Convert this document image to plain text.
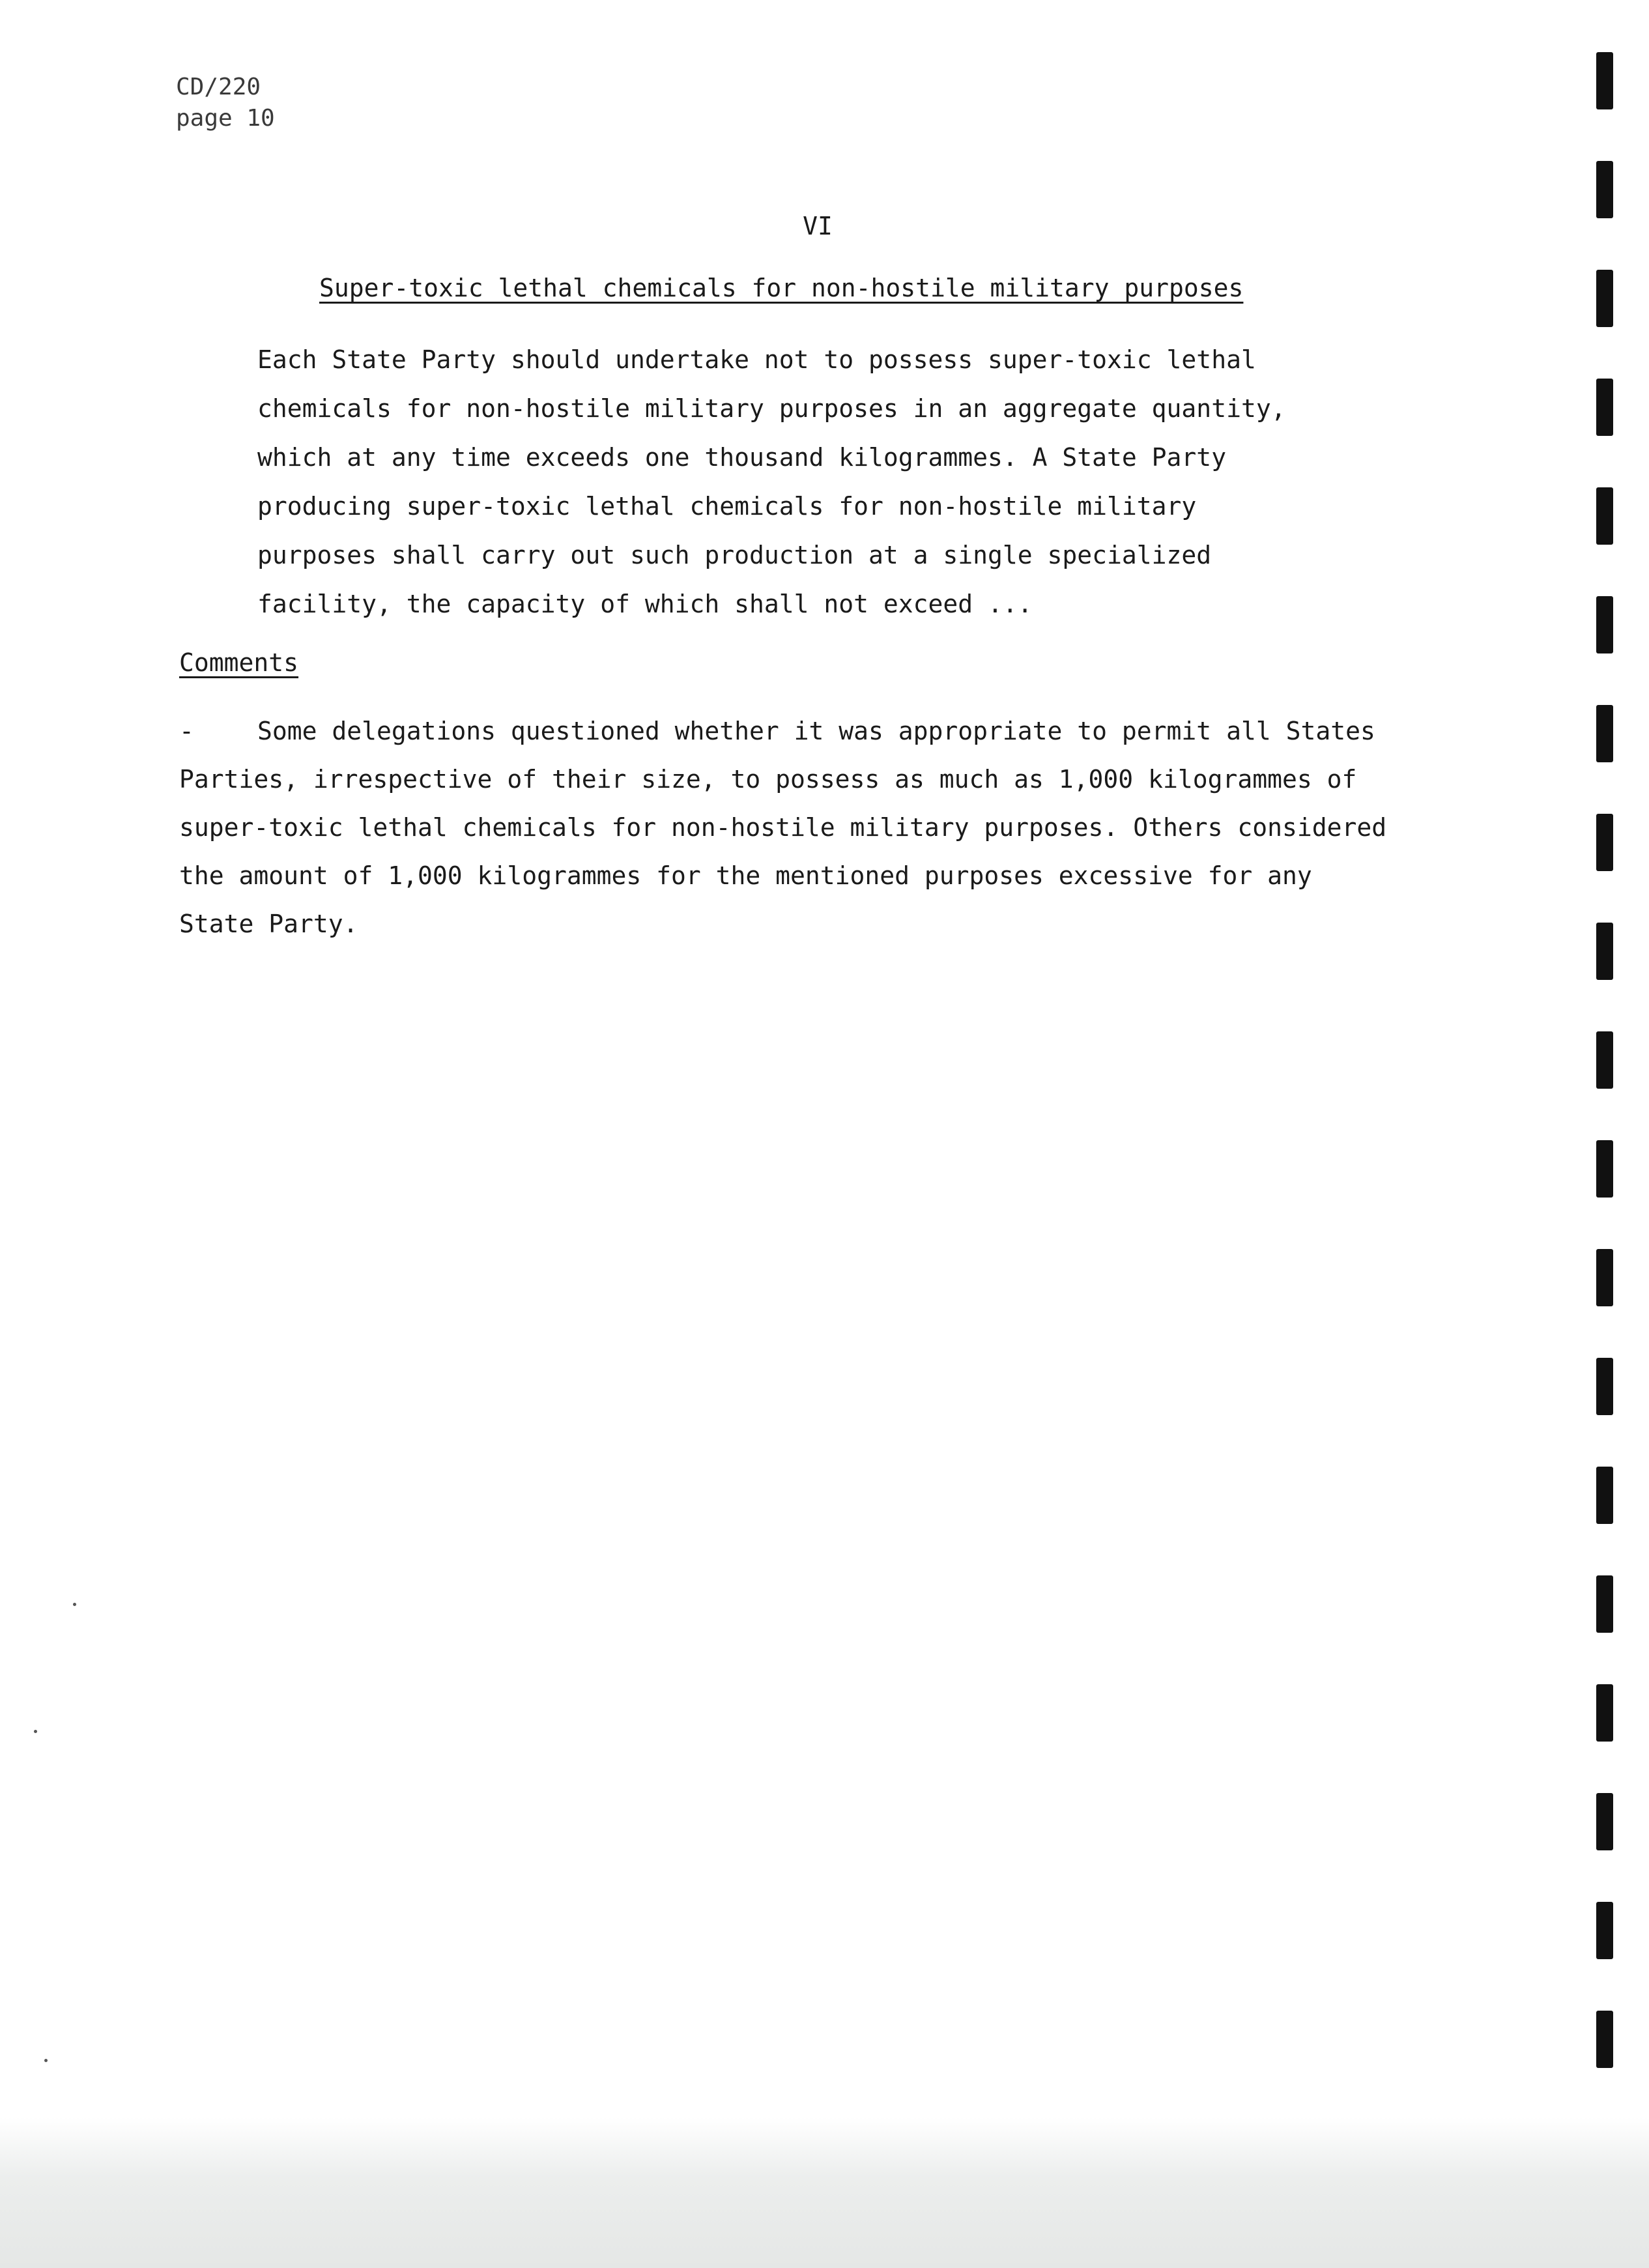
CD/220
page 10
VI
Super-toxic lethal chemicals for non-hostile military purposes
Each State Party should undertake not to possess super-toxic lethal
chemicals for non-hostile military purposes in an aggregate quantity,
which at any time exceeds one thousand kilogrammes. A State Party
producing super-toxic lethal chemicals for non-hostile military
purposes shall carry out such production at a single specialized
facility, the capacity of which shall not exceed ...
Comments
-	Some delegations questioned whether it was appropriate to permit all States
Parties, irrespective of their size, to possess as much as 1,000 kilogrammes of
super-toxic lethal chemicals for non-hostile military purposes. Others considered
the amount of 1,000 kilogrammes for the mentioned purposes excessive for any
State Party.
